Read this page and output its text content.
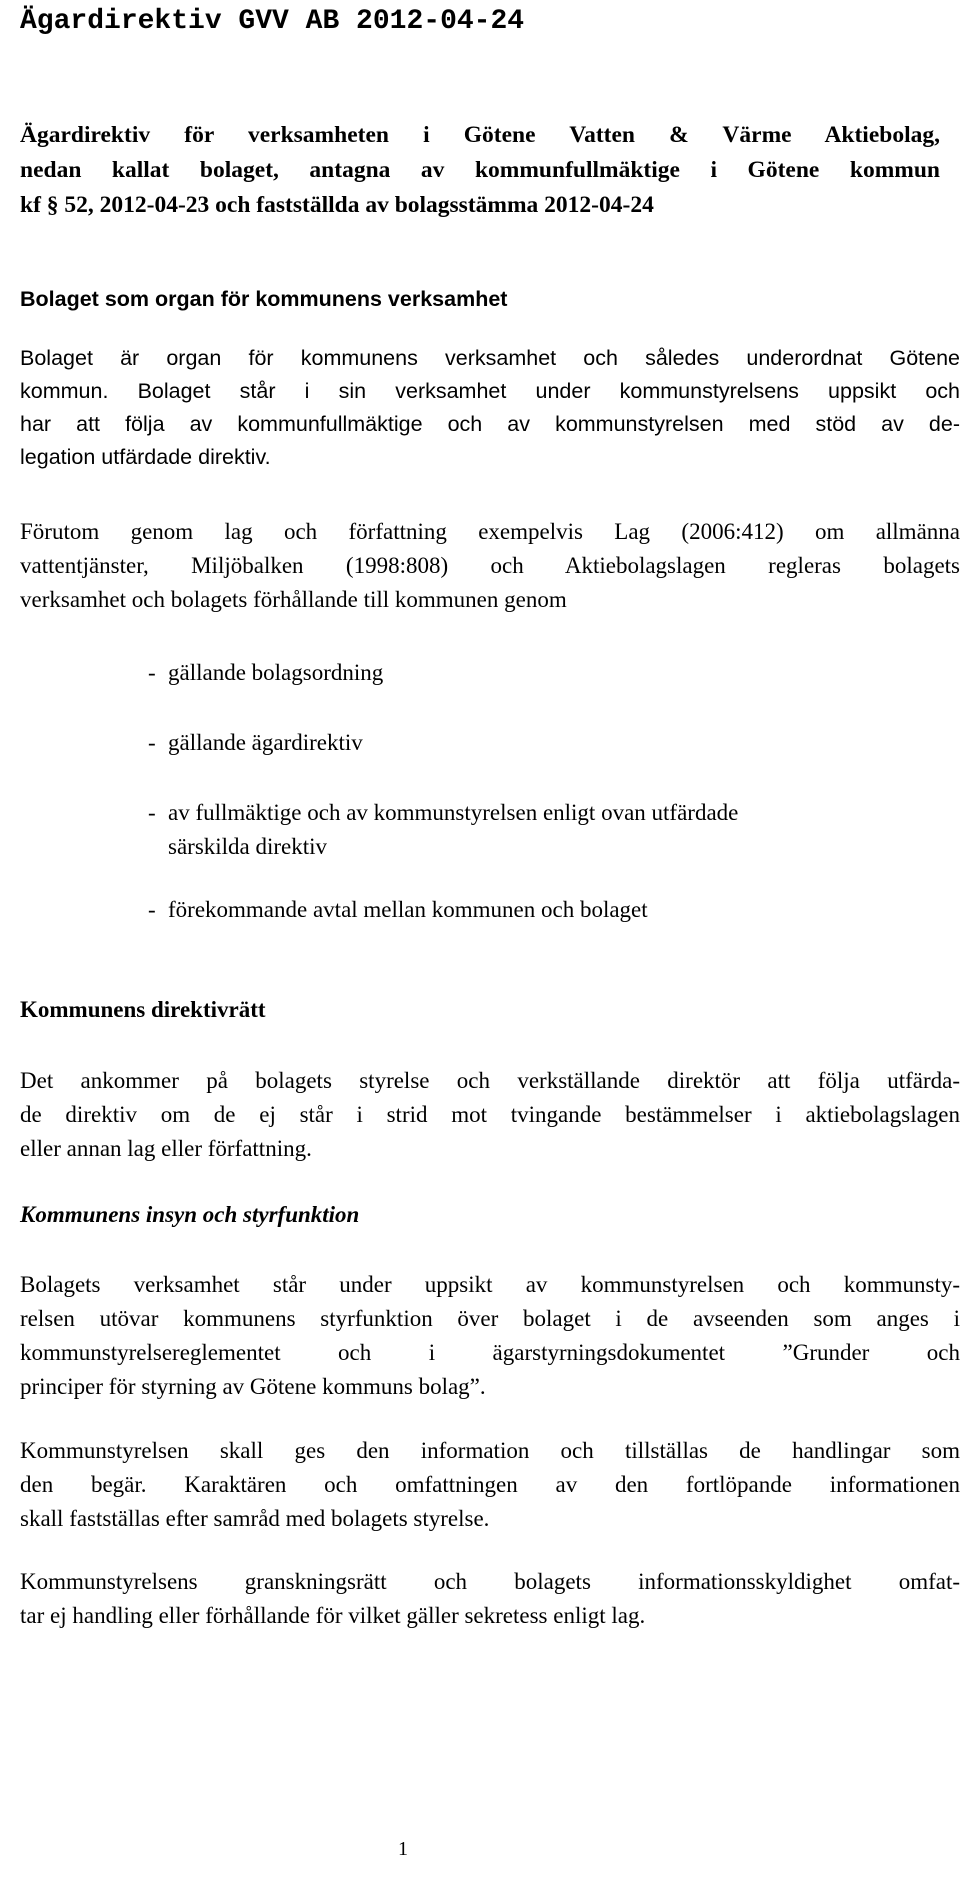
Ägardirektiv GVV AB 2012-04-24
Ägardirektiv för verksamheten i Götene Vatten & Värme Aktiebolag,
nedan kallat bolaget, antagna av kommunfullmäktige i Götene kommun
kf § 52, 2012-04-23 och fastställda av bolagsstämma 2012-04-24
Bolaget som organ för kommunens verksamhet
Bolaget är organ för kommunens verksamhet och således underordnat Götene
kommun. Bolaget står i sin verksamhet under kommunstyrelsens uppsikt och
har att följa av kommunfullmäktige och av kommunstyrelsen med stöd av de-
legation utfärdade direktiv.
Förutom genom lag och författning exempelvis Lag (2006:412) om allmänna
vattentjänster, Miljöbalken (1998:808) och Aktiebolagslagen regleras bolagets
verksamhet och bolagets förhållande till kommunen genom
- gällande bolagsordning
- gällande ägardirektiv
- av fullmäktige och av kommunstyrelsen enligt ovan utfärdade
särskilda direktiv
- förekommande avtal mellan kommunen och bolaget
Kommunens direktivrätt
Det ankommer på bolagets styrelse och verkställande direktör att följa utfärda-
de direktiv om de ej står i strid mot tvingande bestämmelser i aktiebolagslagen
eller annan lag eller författning.
Kommunens insyn och styrfunktion
Bolagets verksamhet står under uppsikt av kommunstyrelsen och kommunsty-
relsen utövar kommunens styrfunktion över bolaget i de avseenden som anges i
kommunstyrelsereglementet och i ägarstyrningsdokumentet ”Grunder och
principer för styrning av Götene kommuns bolag”.
Kommunstyrelsen skall ges den information och tillställas de handlingar som
den begär. Karaktären och omfattningen av den fortlöpande informationen
skall fastställas efter samråd med bolagets styrelse.
Kommunstyrelsens granskningsrätt och bolagets informationsskyldighet omfat-
tar ej handling eller förhållande för vilket gäller sekretess enligt lag.
1
